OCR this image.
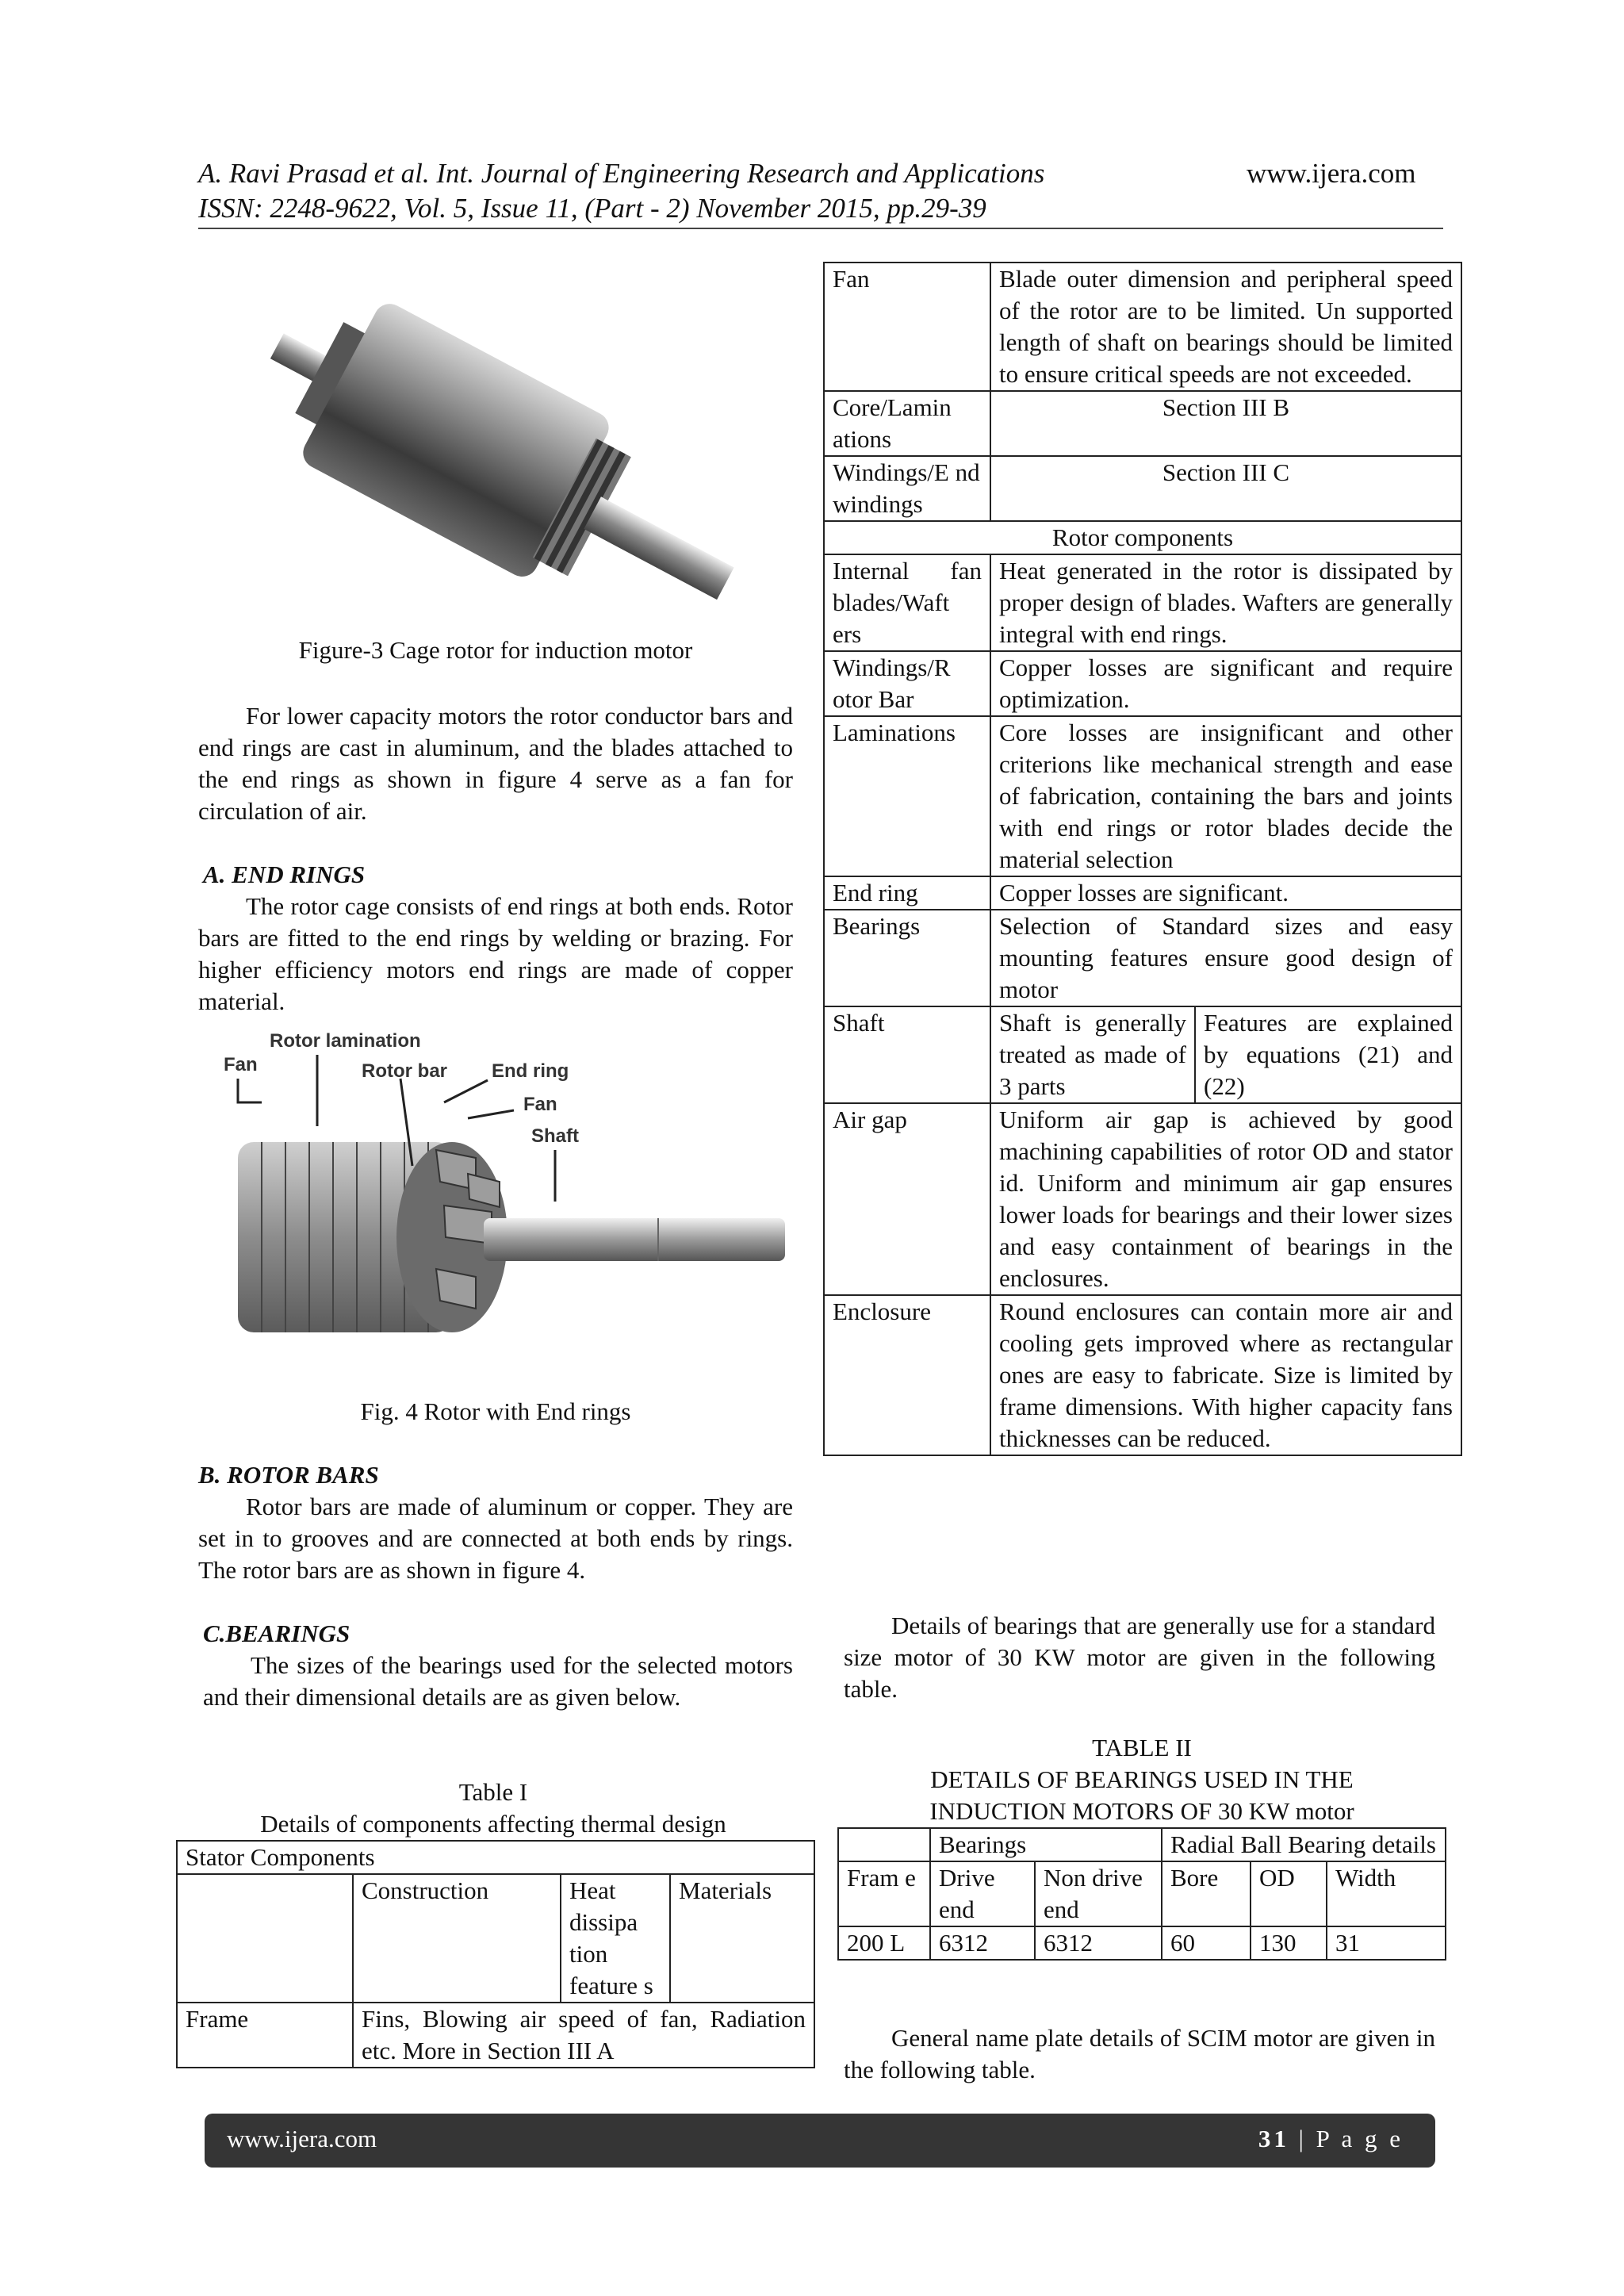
A. Ravi Prasad et al. Int. Journal of Engineering Research and Applications	www.ijera.com
ISSN: 2248-9622, Vol. 5, Issue 11, (Part - 2) November 2015, pp.29-39
Figure-3 Cage rotor for induction motor
For lower capacity motors the rotor conductor bars and end rings are cast in aluminum, and the blades attached to the end rings as shown in figure 4 serve as a fan for circulation of air.
A. END RINGS
The rotor cage consists of end rings at both ends. Rotor bars are fitted to the end rings by welding or brazing. For higher efficiency motors end rings are made of copper material.
Rotor lamination
Fan	Rotor bar End ring
Fan
Shaft
Fig. 4 Rotor with End rings
B. ROTOR BARS
Rotor bars are made of aluminum or copper. They are set in to grooves and are connected at both ends by rings. The rotor bars are as shown in figure 4.
C.BEARINGS
The sizes of the bearings used for the selected motors and their dimensional details are as given below.
Table I
Details of components affecting thermal design
Stator Components			
	Construction	Heat dissipa tion feature s	Materials
Frame	Fins, Blowing air speed of fan, Radiation etc. More in Section III A		
Fan	Blade outer dimension and peripheral speed of the rotor are to be limited. Un supported length of shaft on bearings should be limited to ensure critical speeds are not exceeded.	
Core/Lamin ations	Section III B	
Windings/E nd windings	Section III C	
Rotor components		
Internal fan blades/Waft ers	Heat generated in the rotor is dissipated by proper design of blades. Wafters are generally integral with end rings.	
Windings/R otor Bar	Copper losses are significant and require optimization.	
Laminations	Core losses are insignificant and other criterions like mechanical strength and ease of fabrication, containing the bars and joints with end rings or rotor blades decide the material selection	
End ring	Copper losses are significant.	
Bearings	Selection of Standard sizes and easy mounting features ensure good design of motor	
Shaft	Shaft is generally treated as made of 3 parts	Features are explained by equations (21) and (22)
Air gap	Uniform air gap is achieved by good machining capabilities of rotor OD and stator id. Uniform and minimum air gap ensures lower loads for bearings and their lower sizes and easy containment of bearings in the enclosures.	
Enclosure	Round enclosures can contain more air and cooling gets improved where as rectangular ones are easy to fabricate. Size is limited by frame dimensions. With higher capacity fans thicknesses can be reduced.	
Details of bearings that are generally use for a standard size motor of 30 KW motor are given in the following table.
TABLE II
DETAILS OF BEARINGS USED IN THE
INDUCTION MOTORS OF 30 KW motor
	Bearings		Radial Ball Bearing details		
Fram e	Drive end	Non drive end	Bore	OD	Width
200 L	6312	6312	60	130	31
General name plate details of SCIM motor are given in the following table.
www.ijera.com	31 | P a g e
